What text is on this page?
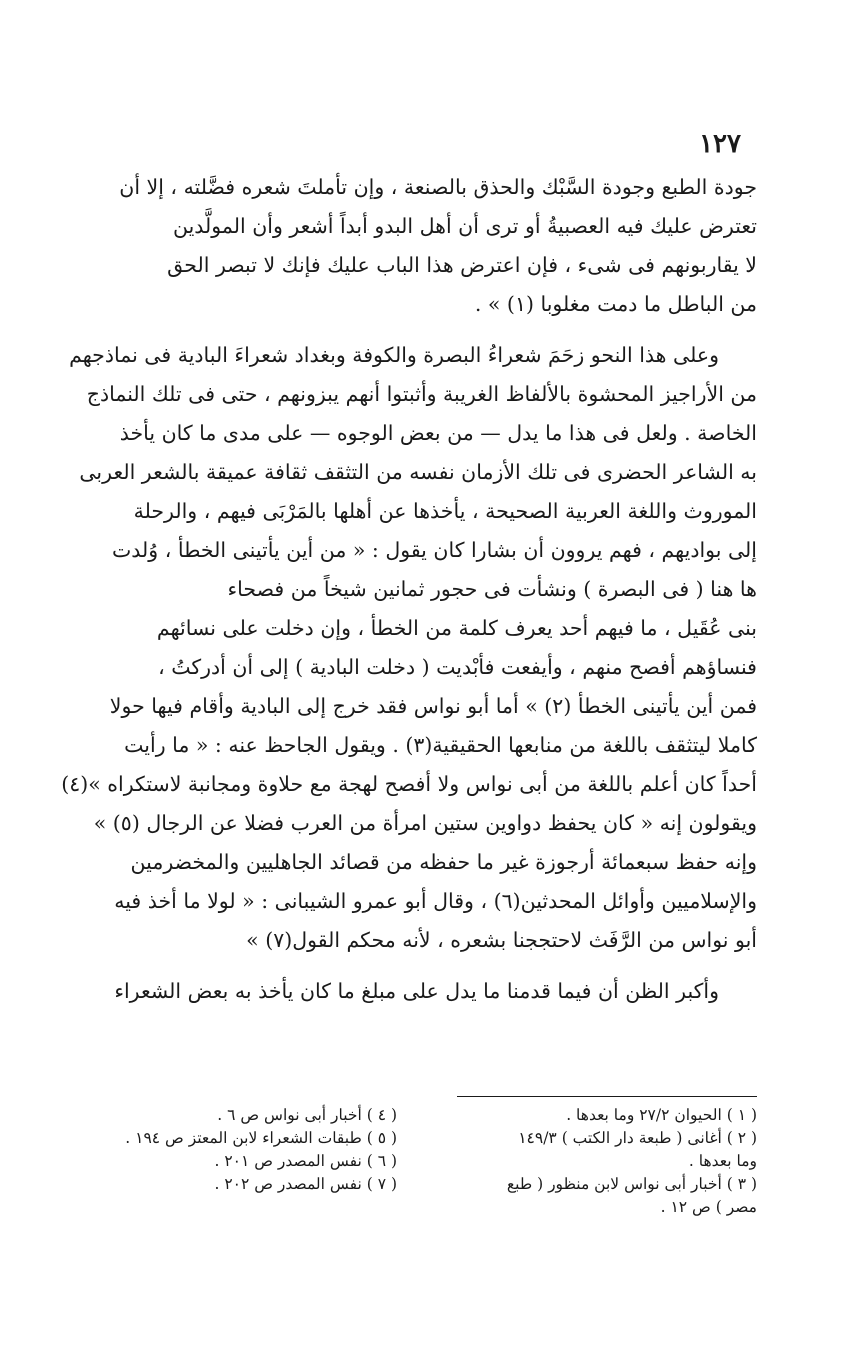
١٢٧
جودة الطبع وجودة السَّبْك والحذق بالصنعة ، وإن تأملتَ شعره فضَّلته ، إلا أن
تعترض عليك فيه العصبيةُ أو ترى أن أهل البدو أبداً أشعر وأن المولَّدين
لا يقاربونهم فى شىء ، فإن اعترض هذا الباب عليك فإنك لا تبصر الحق
من الباطل ما دمت مغلوبا (١) » .
وعلى هذا النحو زحَمَ شعراءُ البصرة والكوفة وبغداد شعراءَ البادية فى نماذجهم
من الأراجيز المحشوة بالألفاظ الغريبة وأثبتوا أنهم يبزونهم ، حتى فى تلك النماذج
الخاصة . ولعل فى هذا ما يدل — من بعض الوجوه — على مدى ما كان يأخذ
به الشاعر الحضرى فى تلك الأزمان نفسه من التثقف ثقافة عميقة بالشعر العربى
الموروث واللغة العربية الصحيحة ، يأخذها عن أهلها بالمَرْبَى فيهم ، والرحلة
إلى بواديهم ، فهم يروون أن بشارا كان يقول : « من أين يأتينى الخطأ ، وُلدت
ها هنا ( فى البصرة ) ونشأت فى حجور ثمانين شيخاً من فصحاء
بنى عُقَيل ، ما فيهم أحد يعرف كلمة من الخطأ ، وإن دخلت على نسائهم
فنساؤهم أفصح منهم ، وأيفعت فأبْديت ( دخلت البادية ) إلى أن أدركتُ ،
فمن أين يأتينى الخطأ (٢) » أما أبو نواس فقد خرج إلى البادية وأقام فيها حولا
كاملا ليتثقف باللغة من منابعها الحقيقية(٣) . ويقول الجاحظ عنه : « ما رأيت
أحداً كان أعلم باللغة من أبى نواس ولا أفصح لهجة مع حلاوة ومجانبة لاستكراه »(٤)
ويقولون إنه « كان يحفظ دواوين ستين امرأة من العرب فضلا عن الرجال (٥) »
وإنه حفظ سبعمائة أرجوزة غير ما حفظه من قصائد الجاهليين والمخضرمين
والإسلاميين وأوائل المحدثين(٦) ، وقال أبو عمرو الشيبانى : « لولا ما أخذ فيه
أبو نواس من الرَّفَث لاحتججنا بشعره ، لأنه محكم القول(٧) »
وأكبر الظن أن فيما قدمنا ما يدل على مبلغ ما كان يأخذ به بعض الشعراء
( ١ ) الحيوان ٢٧/٢ وما بعدها .
( ٢ ) أغانى ( طبعة دار الكتب ) ١٤٩/٣
وما بعدها .
( ٣ ) أخبار أبى نواس لابن منظور ( طبع
مصر ) ص ١٢ .
( ٤ ) أخبار أبى نواس ص ٦ .
( ٥ ) طبقات الشعراء لابن المعتز ص ١٩٤ .
( ٦ ) نفس المصدر ص ٢٠١ .
( ٧ ) نفس المصدر ص ٢٠٢ .
